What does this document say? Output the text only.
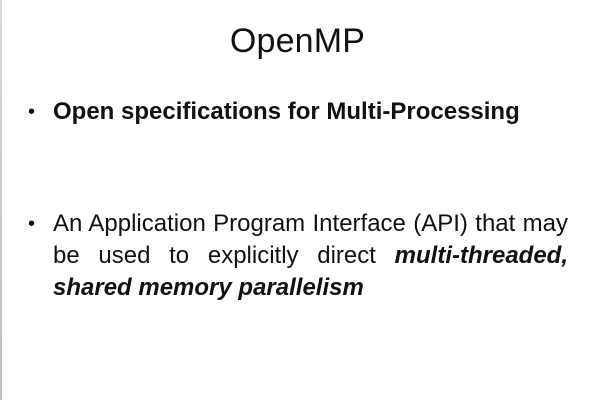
OpenMP
• Open specifications for Multi-Processing
• An Application Program Interface (API) that may be used to explicitly direct multi-threaded, shared memory parallelism
